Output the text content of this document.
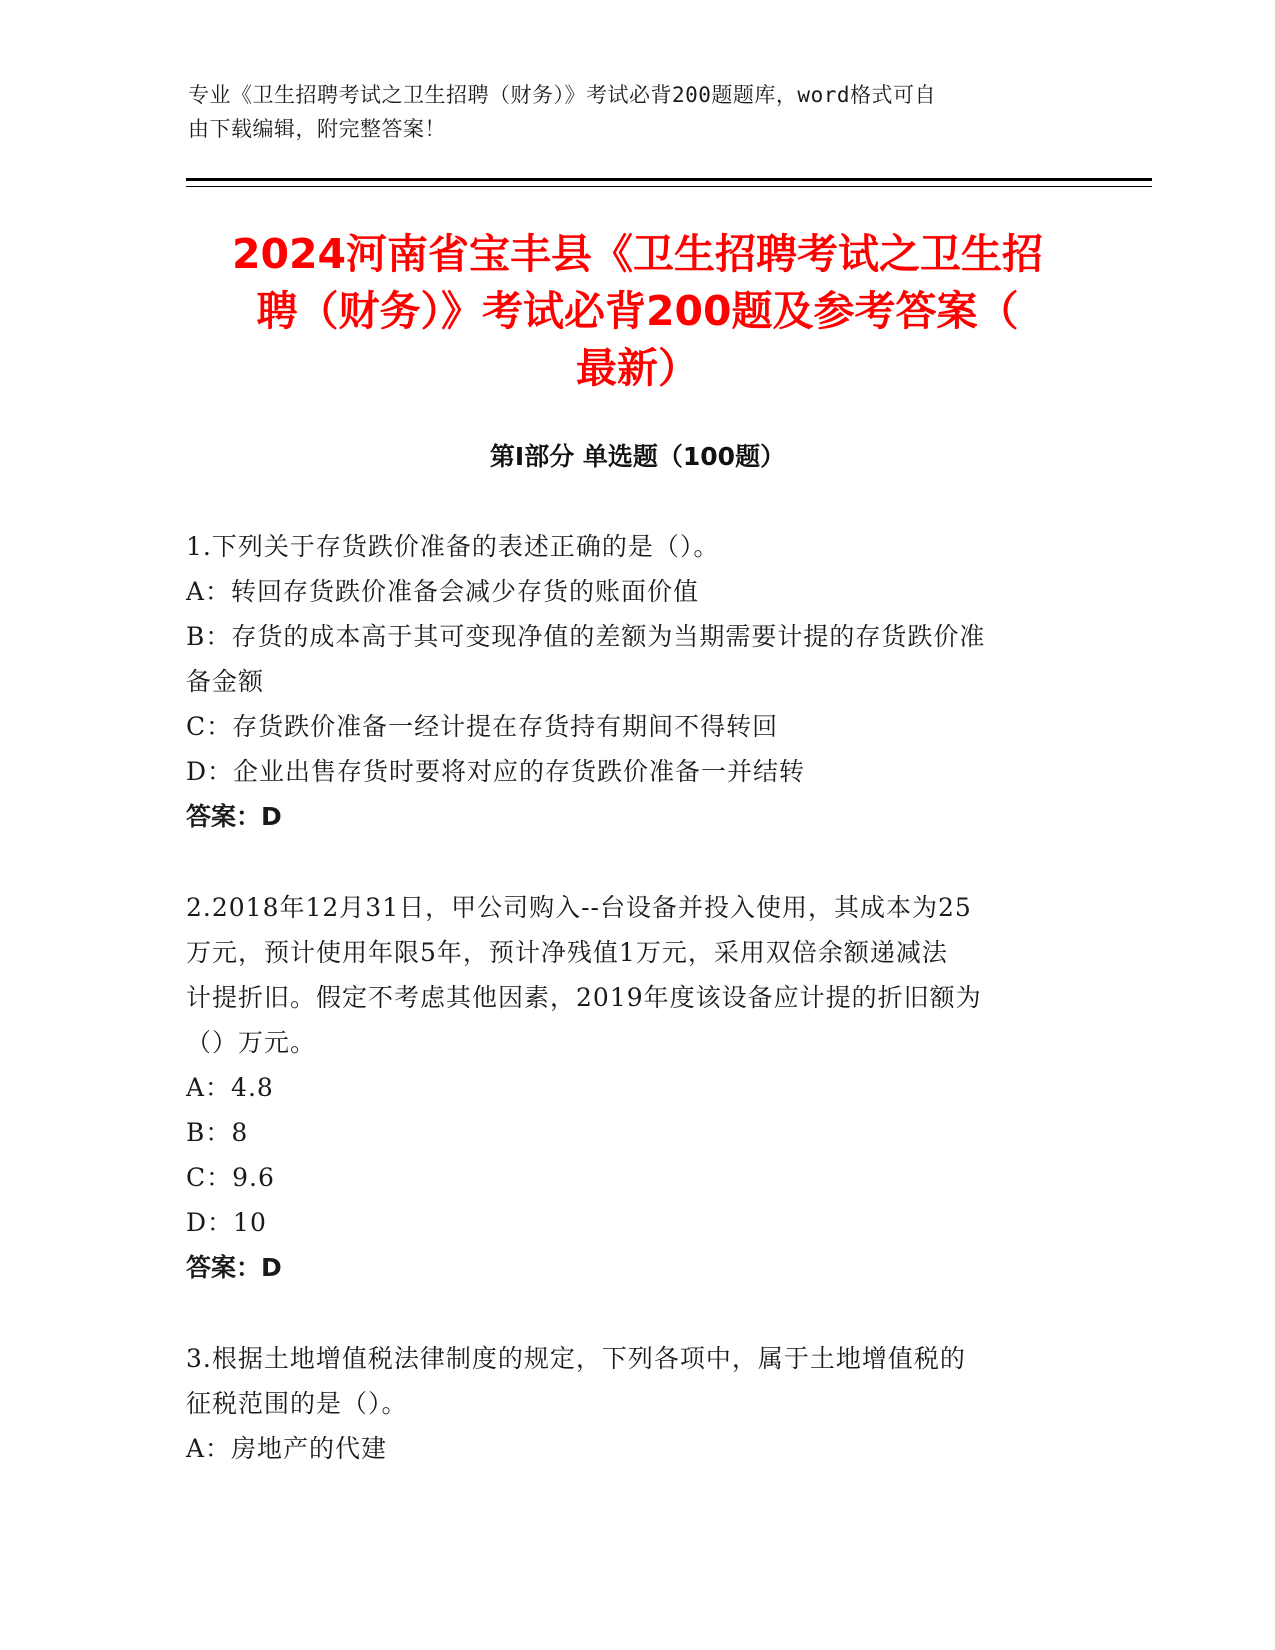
专业《卫生招聘考试之卫生招聘（财务）》考试必背200题题库，word格式可自
由下载编辑，附完整答案！
2024河南省宝丰县《卫生招聘考试之卫生招
聘（财务）》考试必背200题及参考答案（
最新）
第I部分 单选题（100题）
1.下列关于存货跌价准备的表述正确的是（）。
A：转回存货跌价准备会减少存货的账面价值
B：存货的成本高于其可变现净值的差额为当期需要计提的存货跌价准
备金额
C：存货跌价准备一经计提在存货持有期间不得转回
D：企业出售存货时要将对应的存货跌价准备一并结转
答案：D
2.2018年12月31日，甲公司购入--台设备并投入使用，其成本为25
万元，预计使用年限5年，预计净残值1万元，采用双倍余额递减法
计提折旧。假定不考虑其他因素，2019年度该设备应计提的折旧额为
（）万元。
A：4.8
B：8
C：9.6
D：10
答案：D
3.根据土地增值税法律制度的规定，下列各项中，属于土地增值税的
征税范围的是（）。
A：房地产的代建
